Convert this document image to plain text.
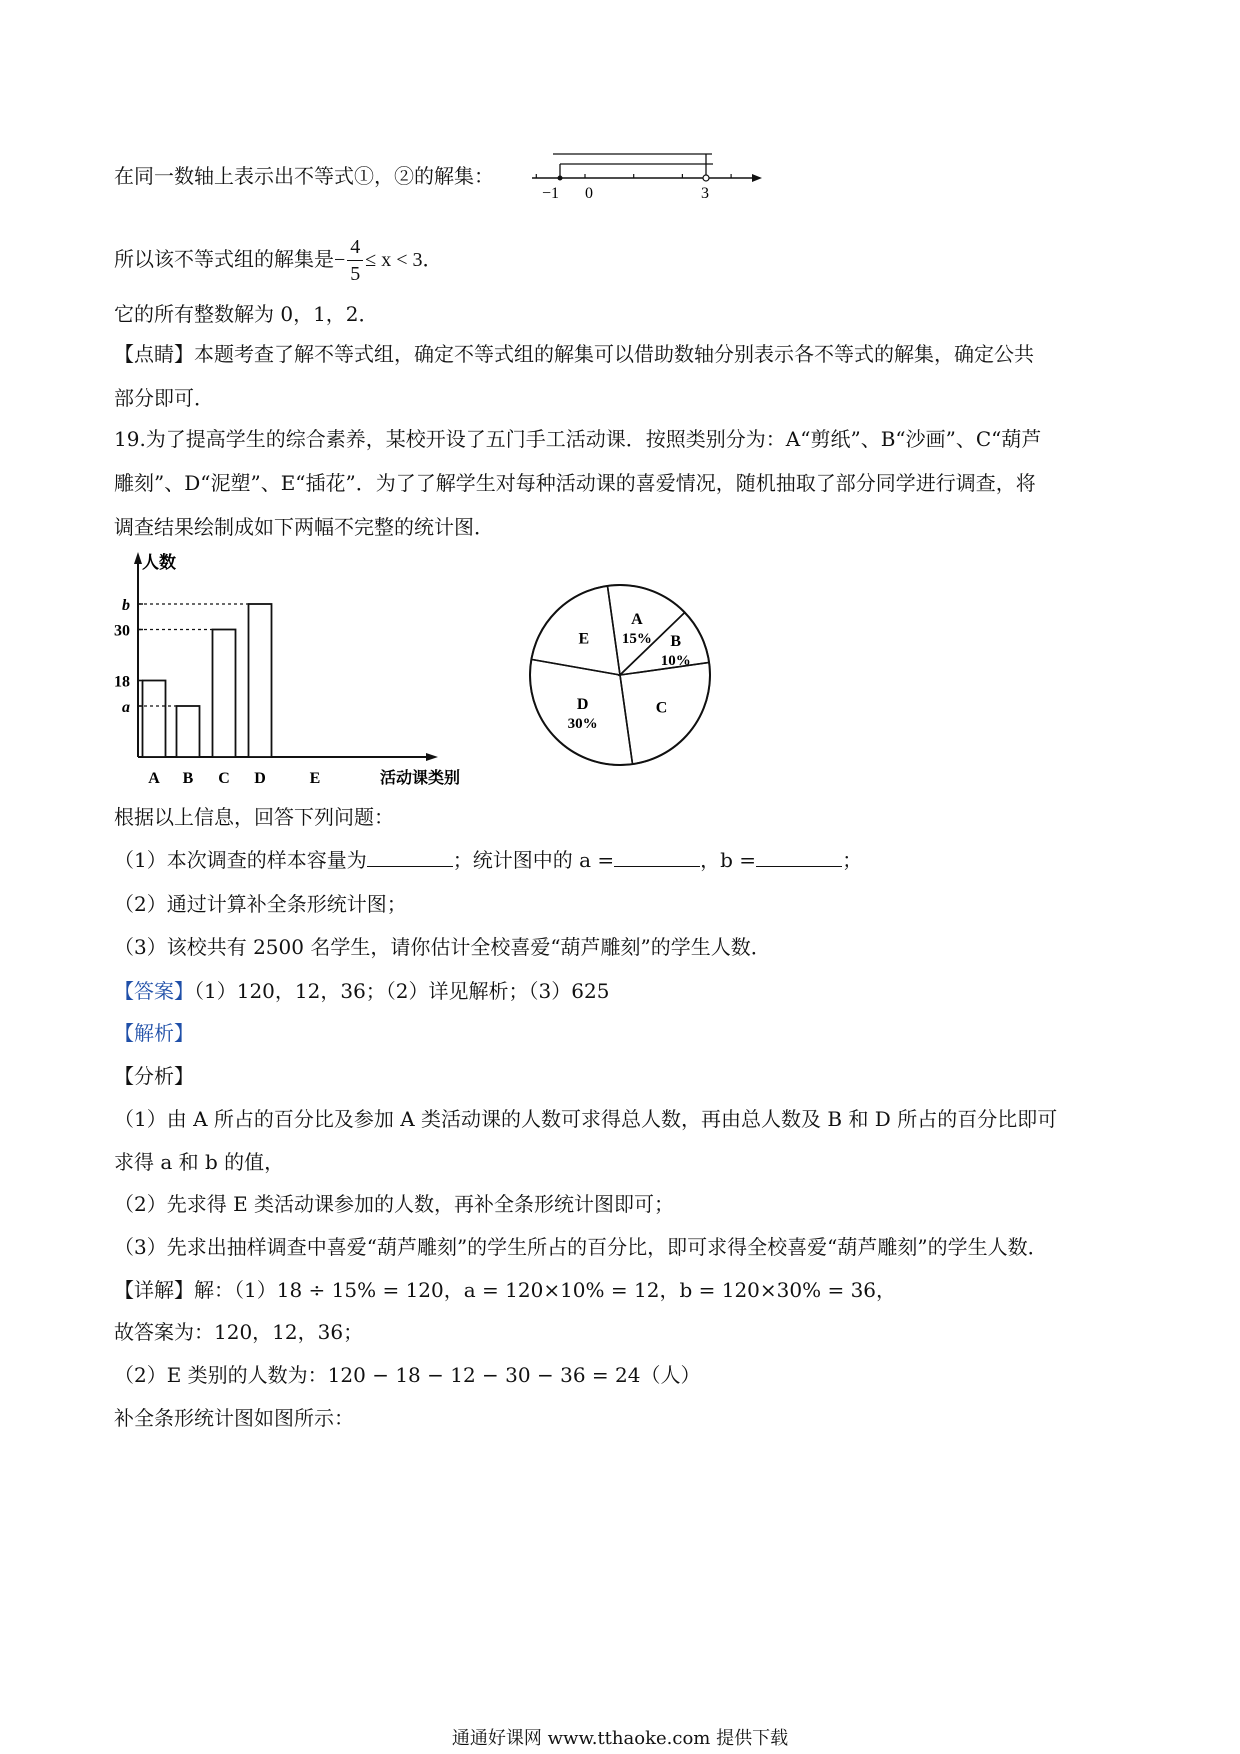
在同一数轴上表示出不等式①，②的解集：
−1 0	3
所以该不等式组的解集是− $\frac{4}{5} \le x < 3$．
它的所有整数解为 0，1，2．
【点睛】本题考查了解不等式组，确定不等式组的解集可以借助数轴分别表示各不等式的解集，确定公共
部分即可．
19.为了提高学生的综合素养，某校开设了五门手工活动课．按照类别分为：A“剪纸”、B“沙画”、C“葫芦
雕刻”、D“泥塑”、E“插花”．为了了解学生对每种活动课的喜爱情况，随机抽取了部分同学进行调查，将
调查结果绘制成如下两幅不完整的统计图．
人数
活动课类别
a
18
30
b
A B C D	E
A
15% B
10%
C
D
30%
E
根据以上信息，回答下列问题：
（1）本次调查的样本容量为	；统计图中的 a =	，b =	；
（2）通过计算补全条形统计图；
（3）该校共有 2500 名学生，请你估计全校喜爱“葫芦雕刻”的学生人数．
【答案】（1）120，12，36；（2）详见解析；（3）625
【解析】
【分析】
（1）由 A 所占的百分比及参加 A 类活动课的人数可求得总人数，再由总人数及 B 和 D 所占的百分比即可
求得 a 和 b 的值，
（2）先求得 E 类活动课参加的人数，再补全条形统计图即可；
（3）先求出抽样调查中喜爱“葫芦雕刻”的学生所占的百分比，即可求得全校喜爱“葫芦雕刻”的学生人数．
【详解】解：（1）18 ÷ 15% = 120，a = 120×10% = 12，b = 120×30% = 36，
故答案为：120，12，36；
（2）E 类别的人数为：120 − 18 − 12 − 30 − 36 = 24（人）
补全条形统计图如图所示：
通通好课网 www.tthaoke.com 提供下载
